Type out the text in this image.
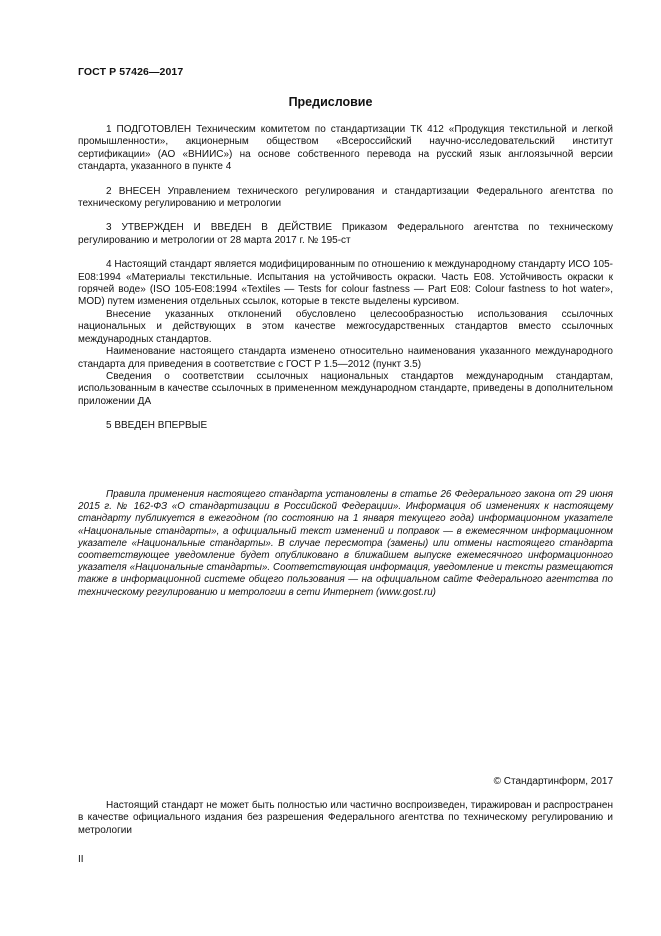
ГОСТ Р 57426—2017
Предисловие

1 ПОДГОТОВЛЕН Техническим комитетом по стандартизации ТК 412 «Продукция текстильной и легкой промышленности», акционерным обществом «Всероссийский научно-исследовательский институт сертификации» (АО «ВНИИС») на основе собственного перевода на русский язык англоязычной версии стандарта, указанного в пункте 4

2 ВНЕСЕН Управлением технического регулирования и стандартизации Федерального агентства по техническому регулированию и метрологии

3 УТВЕРЖДЕН И ВВЕДЕН В ДЕЙСТВИЕ Приказом Федерального агентства по техническому регулированию и метрологии от 28 марта 2017 г. № 195-ст

4 Настоящий стандарт является модифицированным по отношению к международному стандарту ИСО 105-E08:1994 «Материалы текстильные. Испытания на устойчивость окраски. Часть E08. Устойчивость окраски к горячей воде» (ISO 105-E08:1994 «Textiles — Tests for colour fastness — Part E08: Colour fastness to hot water», MOD) путем изменения отдельных ссылок, которые в тексте выделены курсивом.

Внесение указанных отклонений обусловлено целесообразностью использования ссылочных национальных и действующих в этом качестве межгосударственных стандартов вместо ссылочных международных стандартов.

Наименование настоящего стандарта изменено относительно наименования указанного международного стандарта для приведения в соответствие с ГОСТ Р 1.5—2012 (пункт 3.5)

Сведения о соответствии ссылочных национальных стандартов международным стандартам, использованным в качестве ссылочных в примененном международном стандарте, приведены в дополнительном приложении ДА

5 ВВЕДЕН ВПЕРВЫЕ

Правила применения настоящего стандарта установлены в статье 26 Федерального закона от 29 июня 2015 г. № 162-ФЗ «О стандартизации в Российской Федерации». Информация об изменениях к настоящему стандарту публикуется в ежегодном (по состоянию на 1 января текущего года) информационном указателе «Национальные стандарты», а официальный текст изменений и поправок — в ежемесячном информационном указателе «Национальные стандарты». В случае пересмотра (замены) или отмены настоящего стандарта соответствующее уведомление будет опубликовано в ближайшем выпуске ежемесячного информационного указателя «Национальные стандарты». Соответствующая информация, уведомление и тексты размещаются также в информационной системе общего пользования — на официальном сайте Федерального агентства по техническому регулированию и метрологии в сети Интернет (www.gost.ru)

© Стандартинформ, 2017

Настоящий стандарт не может быть полностью или частично воспроизведен, тиражирован и распространен в качестве официального издания без разрешения Федерального агентства по техническому регулированию и метрологии

II
